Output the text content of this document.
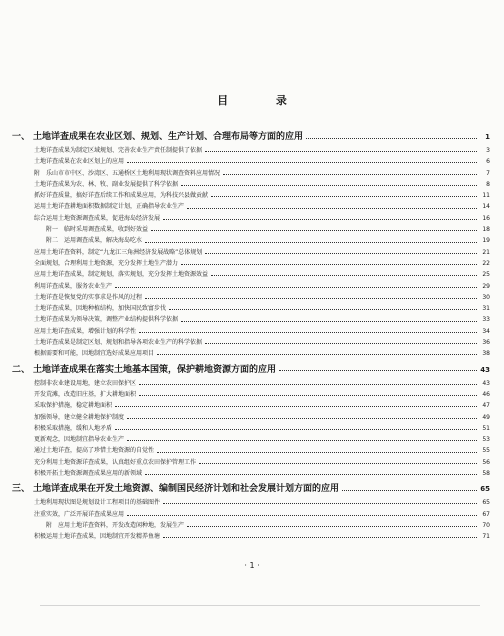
目 录
一、 土地详查成果在农业区划、规划、生产计划、合理布局等方面的应用	1
土地详查成果为制定区域规划、完善农业生产责任制提供了依据	3
土地详查成果在农业区划上的应用	6
附　乐山市市中区、沙湾区、五通桥区土地利用现状调查资料应用情况	7
土地详查成果为农、林、牧、副业发展提供了科学依据	8
抓好详查质量，搞好详查后续工作和成果应用，为科技兴县做贡献	11
运用土地详查耕地面积数据制定计划，正确指导农业生产	14
综合运用土地资源调查成果，促进海岛经济发展	16
附一　临时采用调查成果，收到好效益	18
附二　运用调查成果，解决海岛吃水	19
应用土地详查资料，制定“九龙江三角洲经济发展战略”总体规划	21
全面规划，合理利用土地资源，充分发挥土地生产潜力	22
应用土地详查成果，制定规划，落实规划，充分发挥土地资源效益	25
利用详查成果，服务农业生产	29
土地详查是恢复党的实事求是作风的过程	30
土地详查成果，因地种植结构，加快国民致富步伐	31
土地详查成果为领导决策，调整产业结构提供科学依据	33
应用土地详查成果，增强计划的科学性	34
土地详查成果是制定区划、规划和指导各项农业生产的科学依据	36
根据需要和可能，因地制宜选好成果应用项目	38
二、 土地详查成果在落实土地基本国策，保护耕地资源方面的应用	43
控制非农业建设用地，建立农田保护区	43
开发荒滩，改造旧庄基，扩大耕地面积	46
采取保护措施，稳定耕地面积	47
加强领导，建立健全耕地保护制度	49
积极采取措施，缓和人地矛盾	51
更新观念，因地制宜指导农业生产	53
通过土地详查，提高了珍惜土地资源的自觉性	55
充分利用土地资源详查成果，认真组好重点农田保护管理工作	56
积极开拓土地资源调查成果应用的新领域	58
三、 土地详查成果在开发土地资源、编制国民经济计划和社会发展计划方面的应用	65
土地利用现状图是规划设计工程项目的基础图件	65
注重实效，广泛开展详查成果应用	67
附　应用土地详查资料，开发改造闲种地，发展生产	70
积极运用土地详查成果，因地制宜开发精养鱼塘	71
· 1 ·
